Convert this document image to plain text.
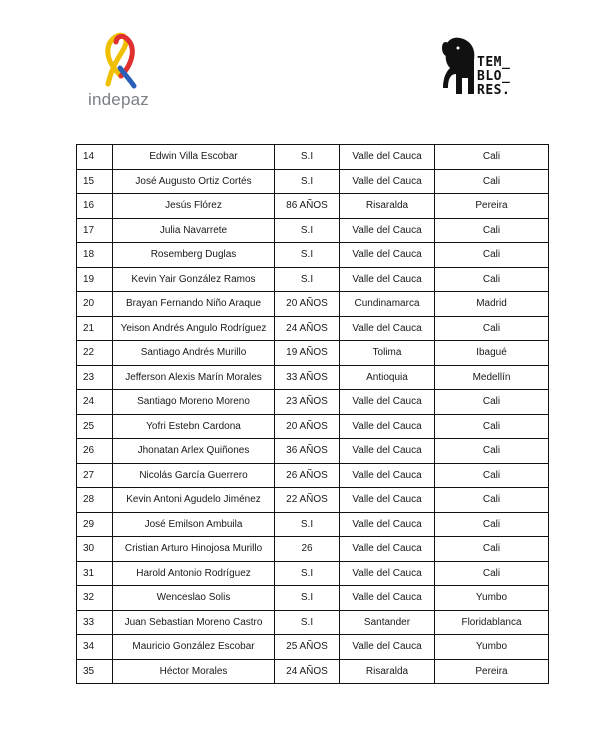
indepaz
TEM_
BLO_
RES.
14	Edwin Villa Escobar	S.I	Valle del Cauca	Cali
15	José Augusto Ortiz Cortés	S.I	Valle del Cauca	Cali
16	Jesús Flórez	86 AÑOS	Risaralda	Pereira
17	Julia Navarrete	S.I	Valle del Cauca	Cali
18	Rosemberg Duglas	S.I	Valle del Cauca	Cali
19	Kevin Yair González Ramos	S.I	Valle del Cauca	Cali
20	Brayan Fernando Niño Araque	20 AÑOS	Cundinamarca	Madrid
21	Yeison Andrés Angulo Rodríguez	24 AÑOS	Valle del Cauca	Cali
22	Santiago Andrés Murillo	19 AÑOS	Tolima	Ibagué
23	Jefferson Alexis Marín Morales	33 AÑOS	Antioquia	Medellín
24	Santiago Moreno Moreno	23 AÑOS	Valle del Cauca	Cali
25	Yofri Estebn Cardona	20 AÑOS	Valle del Cauca	Cali
26	Jhonatan Arlex Quiñones	36 AÑOS	Valle del Cauca	Cali
27	Nicolás García Guerrero	26 AÑOS	Valle del Cauca	Cali
28	Kevin Antoni Agudelo Jiménez	22 AÑOS	Valle del Cauca	Cali
29	José Emilson Ambuila	S.I	Valle del Cauca	Cali
30	Cristian Arturo Hinojosa Murillo	26	Valle del Cauca	Cali
31	Harold Antonio Rodríguez	S.I	Valle del Cauca	Cali
32	Wenceslao Solis	S.I	Valle del Cauca	Yumbo
33	Juan Sebastian Moreno Castro	S.I	Santander	Floridablanca
34	Mauricio González Escobar	25 AÑOS	Valle del Cauca	Yumbo
35	Héctor Morales	24 AÑOS	Risaralda	Pereira
